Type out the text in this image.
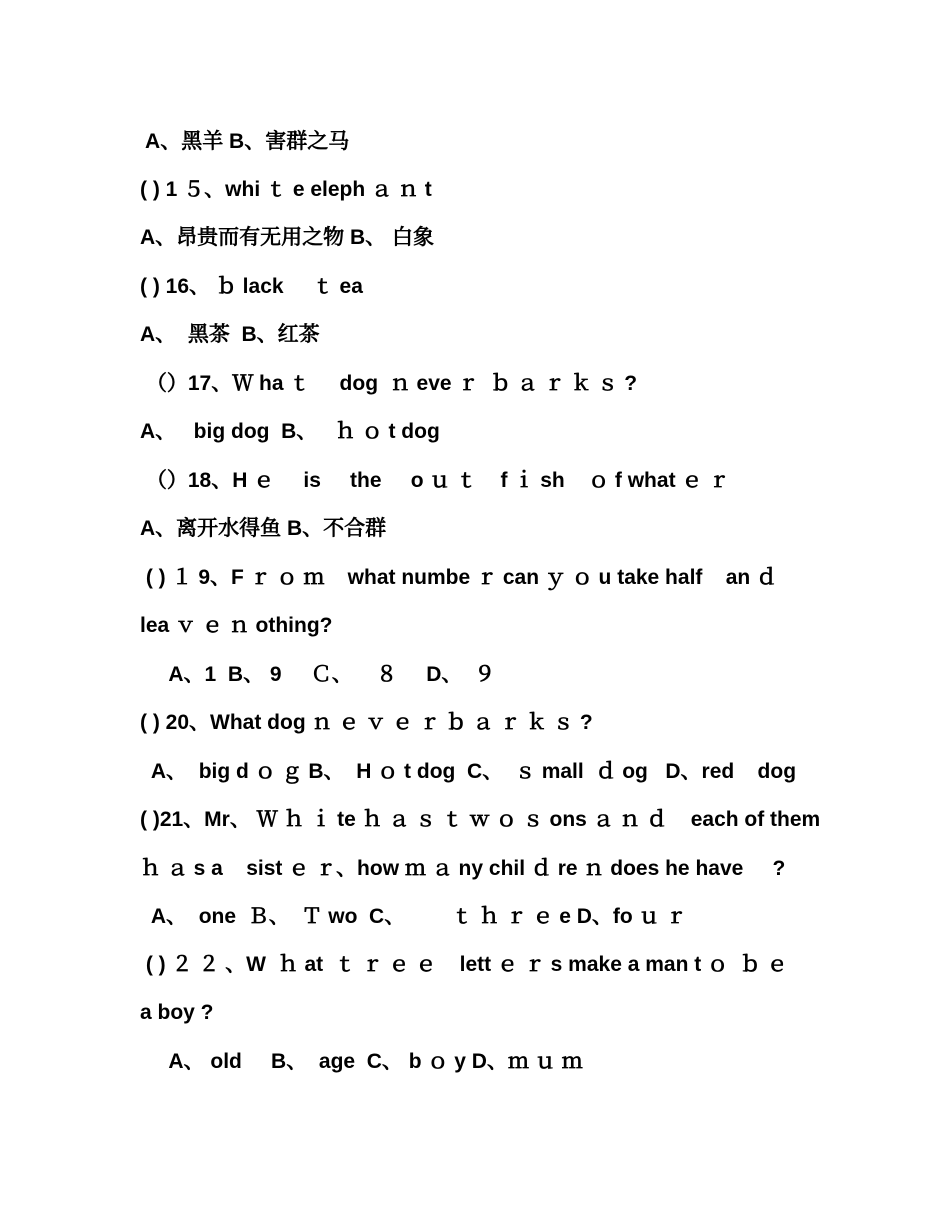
A、黑羊 B、害群之马
( ) 1 ５、whi ｔ e eleph ａ ｎ t
A、昂贵而有无用之物 B、 白象
( ) 16、 ｂ lack     ｔ ea
A、  黑茶  B、红茶
（）17、Ｗ ha ｔ     dog  ｎ eve ｒ  ｂ ａ ｒ ｋ ｓ ?
A、   big dog  B、   ｈ ｏ t dog
（）18、H ｅ     is     the     o ｕ ｔ    f ｉ sh    ｏ f what ｅ ｒ
A、离开水得鱼 B、不合群
( ) １ 9、F ｒ ｏ ｍ    what numbe ｒ can ｙ ｏ u take half    an ｄ
lea ｖ ｅ ｎ othing?
A、1  B、 9     Ｃ、    ８     D、  ９
( ) 20、What dog ｎ ｅ ｖ ｅ ｒ ｂ ａ ｒ ｋ ｓ ?
A、  big d ｏ ｇ B、  H ｏ t dog  C、  ｓ mall  ｄ og   D、red    dog
( )21、Mr、 Ｗ ｈ ｉ te ｈ ａ ｓ ｔ ｗ ｏ ｓ ons ａ ｎ ｄ    each of them
ｈ ａ s a    sist ｅ ｒ、how ｍ ａ ny chil ｄ re ｎ does he have     ?
A、  one  Ｂ、  Ｔ wo  C、        ｔ ｈ ｒ ｅ e D、fo ｕ ｒ
( ) ２ ２ 、W  ｈ at  ｔ ｒ ｅ ｅ    lett ｅ ｒ s make a man t ｏ  ｂ ｅ
a boy ?
A、 old     B、  age  C、 b ｏ y D、ｍ ｕ ｍ
